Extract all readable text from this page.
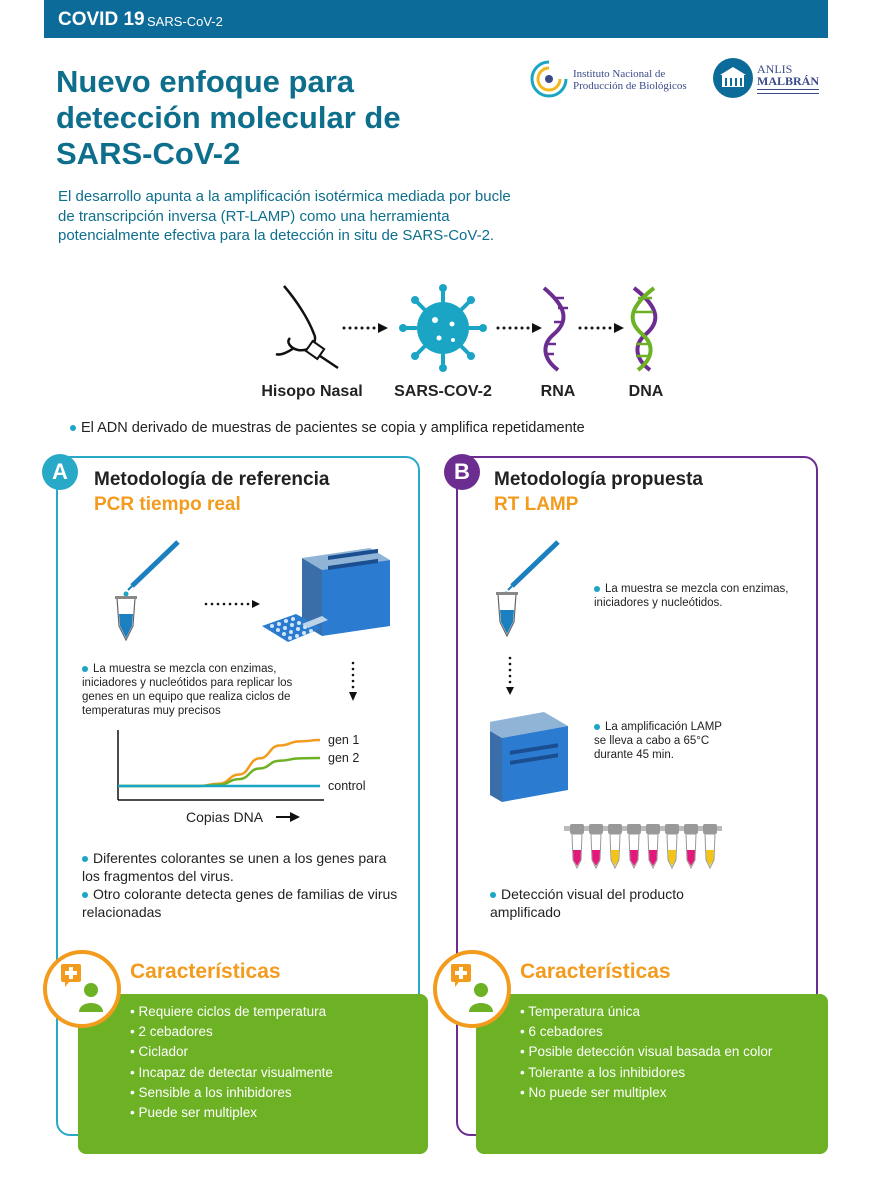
COVID 19 SARS-CoV-2
Nuevo enfoque para detección molecular de SARS-CoV-2
El desarrollo apunta a la amplificación isotérmica mediada por bucle de transcripción inversa (RT-LAMP) como una herramienta potencialmente efectiva para la detección in situ de SARS-CoV-2.
Instituto Nacional de
Producción de Biológicos
ANLIS
MALBRÁN
Hisopo Nasal	SARS-COV-2	RNA	DNA
El ADN derivado de muestras de pacientes se copia y amplifica repetidamente
A	Metodología de referencia
PCR tiempo real
La muestra se mezcla con enzimas, iniciadores y nucleótidos para replicar los genes en un equipo que realiza ciclos de temperaturas muy precisos
gen 1
gen 2
control
Copias DNA
Diferentes colorantes se unen a los genes para los fragmentos del virus.
Otro colorante detecta genes de familias de virus relacionadas
Características
• Requiere ciclos de temperatura
• 2 cebadores
• Ciclador
• Incapaz de detectar visualmente
• Sensible a los inhibidores
• Puede ser multiplex
B	Metodología propuesta
RT LAMP
La muestra se mezcla con enzimas, iniciadores y nucleótidos.
La amplificación LAMP se lleva a cabo a 65°C durante 45 min.
Detección visual del producto amplificado
Características
• Temperatura única
• 6 cebadores
• Posible detección visual basada en color
• Tolerante a los inhibidores
• No puede ser multiplex
